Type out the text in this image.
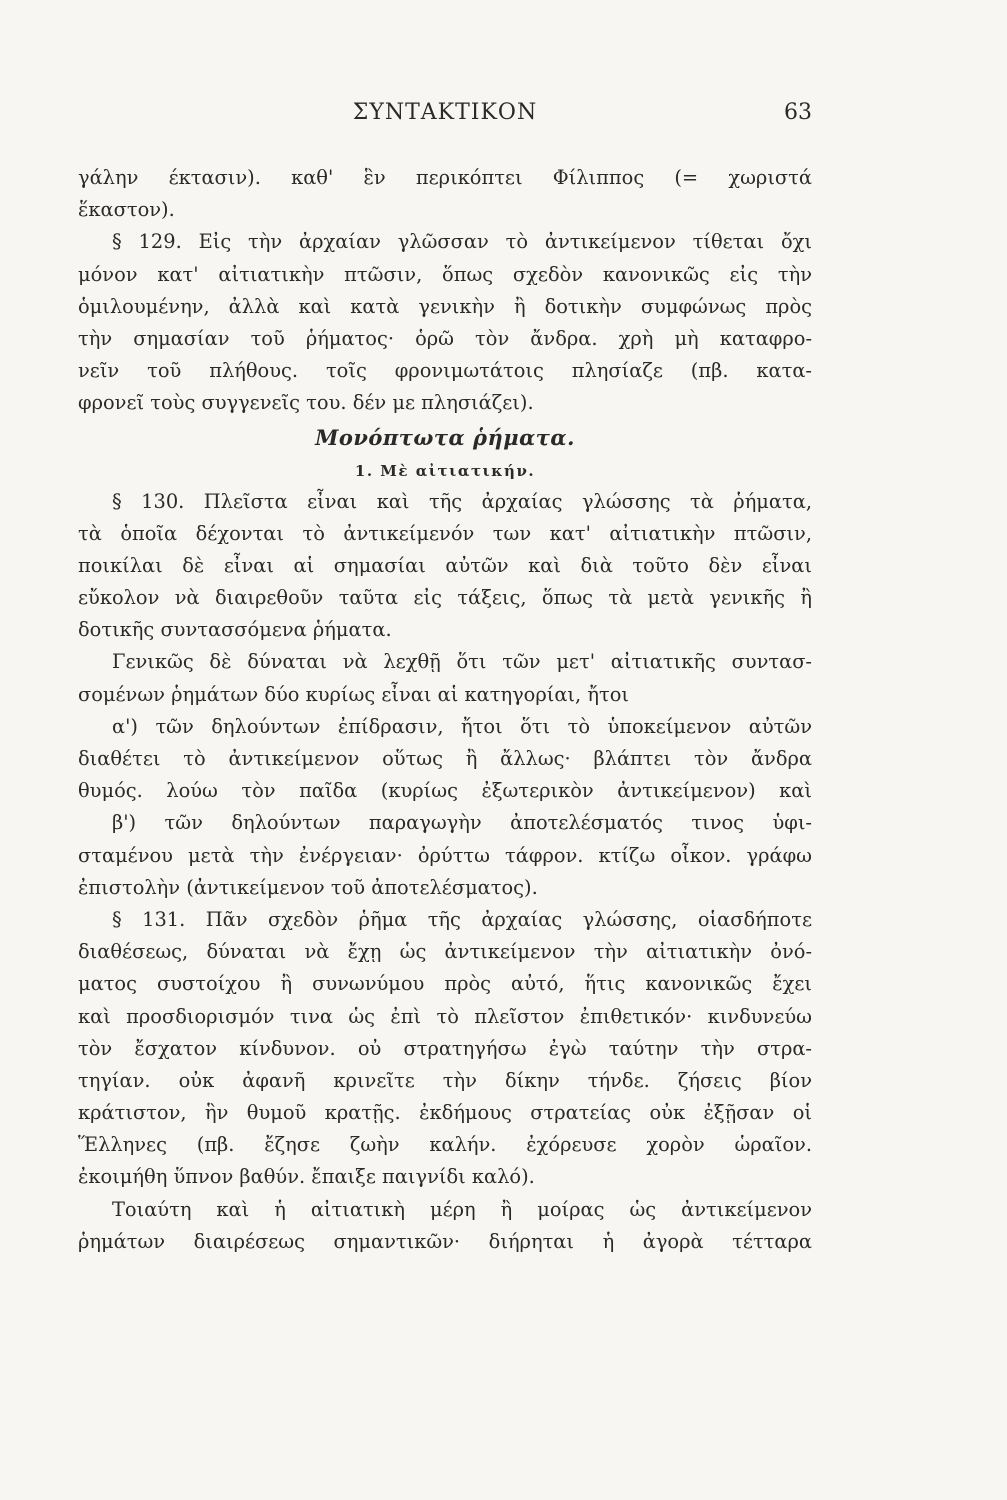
ΣΥΝΤΑΚΤΙΚΟΝ	63
γάλην έκτασιν). καθ' ἓν περικόπτει Φίλιππος (= χωριστά
ἕκαστον).
§ 129. Εἰς τὴν ἀρχαίαν γλῶσσαν τὸ ἀντικείμενον τίθεται ὄχι
μόνον κατ' αἰτιατικὴν πτῶσιν, ὅπως σχεδὸν κανονικῶς εἰς τὴν
ὁμιλουμένην, ἀλλὰ καὶ κατὰ γενικὴν ἢ δοτικὴν συμφώνως πρὸς
τὴν σημασίαν τοῦ ῥήματος· ὁρῶ τὸν ἄνδρα. χρὴ μὴ καταφρο-
νεῖν τοῦ πλήθους. τοῖς φρονιμωτάτοις πλησίαζε (πβ. κατα-
φρονεῖ τοὺς συγγενεῖς του. δέν με πλησιάζει).
Μονόπτωτα ῥήματα.
1. Μὲ αἰτιατικήν.
§ 130. Πλεῖστα εἶναι καὶ τῆς ἀρχαίας γλώσσης τὰ ῥήματα,
τὰ ὁποῖα δέχονται τὸ ἀντικείμενόν των κατ' αἰτιατικὴν πτῶσιν,
ποικίλαι δὲ εἶναι αἱ σημασίαι αὐτῶν καὶ διὰ τοῦτο δὲν εἶναι
εὔκολον νὰ διαιρεθοῦν ταῦτα εἰς τάξεις, ὅπως τὰ μετὰ γενικῆς ἢ
δοτικῆς συντασσόμενα ῥήματα.
Γενικῶς δὲ δύναται νὰ λεχθῇ ὅτι τῶν μετ' αἰτιατικῆς συντασ-
σομένων ῥημάτων δύο κυρίως εἶναι αἱ κατηγορίαι, ἤτοι
α') τῶν δηλούντων ἐπίδρασιν, ἤτοι ὅτι τὸ ὑποκείμενον αὐτῶν
διαθέτει τὸ ἀντικείμενον οὕτως ἢ ἄλλως· βλάπτει τὸν ἄνδρα
θυμός. λούω τὸν παῖδα (κυρίως ἐξωτερικὸν ἀντικείμενον) καὶ
β') τῶν δηλούντων παραγωγὴν ἀποτελέσματός τινος ὑφι-
σταμένου μετὰ τὴν ἐνέργειαν· ὀρύττω τάφρον. κτίζω οἶκον. γράφω
ἐπιστολὴν (ἀντικείμενον τοῦ ἀποτελέσματος).
§ 131. Πᾶν σχεδὸν ῥῆμα τῆς ἀρχαίας γλώσσης, οἱασδήποτε
διαθέσεως, δύναται νὰ ἔχῃ ὡς ἀντικείμενον τὴν αἰτιατικὴν ὀνό-
ματος συστοίχου ἢ συνωνύμου πρὸς αὐτό, ἥτις κανονικῶς ἔχει
καὶ προσδιορισμόν τινα ὡς ἐπὶ τὸ πλεῖστον ἐπιθετικόν· κινδυνεύω
τὸν ἔσχατον κίνδυνον. οὐ στρατηγήσω ἐγὼ ταύτην τὴν στρα-
τηγίαν. οὐκ ἀφανῆ κρινεῖτε τὴν δίκην τήνδε. ζήσεις βίον
κράτιστον, ἣν θυμοῦ κρατῇς. ἐκδήμους στρατείας οὐκ ἐξῇσαν οἱ
Ἕλληνες (πβ. ἔζησε ζωὴν καλήν. ἐχόρευσε χορὸν ὡραῖον.
ἐκοιμήθη ὕπνον βαθύν. ἔπαιξε παιγνίδι καλό).
Τοιαύτη καὶ ἡ αἰτιατικὴ μέρη ἢ μοίρας ὡς ἀντικείμενον
ῥημάτων διαιρέσεως σημαντικῶν· διήρηται ἡ ἀγορὰ τέτταρα
